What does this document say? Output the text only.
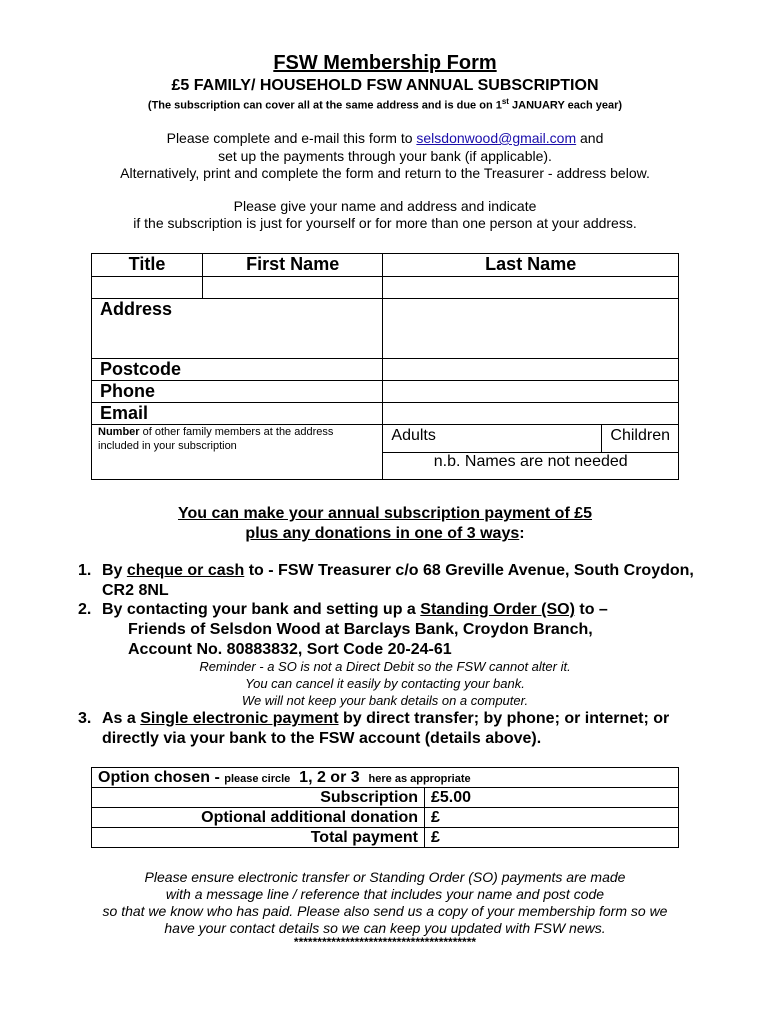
FSW Membership Form
£5 FAMILY/ HOUSEHOLD FSW ANNUAL SUBSCRIPTION
(The subscription can cover all at the same address and is due on 1st JANUARY each year)
Please complete and e-mail this form to selsdonwood@gmail.com and
set up the payments through your bank (if applicable).
Alternatively, print and complete the form and return to the Treasurer - address below.
Please give your name and address and indicate
if the subscription is just for yourself or for more than one person at your address.
Title	First Name	Last Name

Address		
Postcode		
Phone		
Email		
Number of other family members at the address included in your subscription		Adults Children

		n.b. Names are not needed
You can make your annual subscription payment of £5
plus any donations in one of 3 ways:
1. By cheque or cash to - FSW Treasurer c/o 68 Greville Avenue, South Croydon, CR2 8NL
2. By contacting your bank and setting up a Standing Order (SO) to –
Friends of Selsdon Wood at Barclays Bank, Croydon Branch,
Account No. 80883832, Sort Code 20-24-61
Reminder - a SO is not a Direct Debit so the FSW cannot alter it.
You can cancel it easily by contacting your bank.
We will not keep your bank details on a computer.
3. As a Single electronic payment by direct transfer; by phone; or internet; or directly via your bank to the FSW account (details above).
Option chosen - please circle 1, 2 or 3 here as appropriate	
Subscription	£5.00
Optional additional donation	£
Total payment	£
Please ensure electronic transfer or Standing Order (SO) payments are made
with a message line / reference that includes your name and post code
so that we know who has paid. Please also send us a copy of your membership form so we
have your contact details so we can keep you updated with FSW news.
***************************************
